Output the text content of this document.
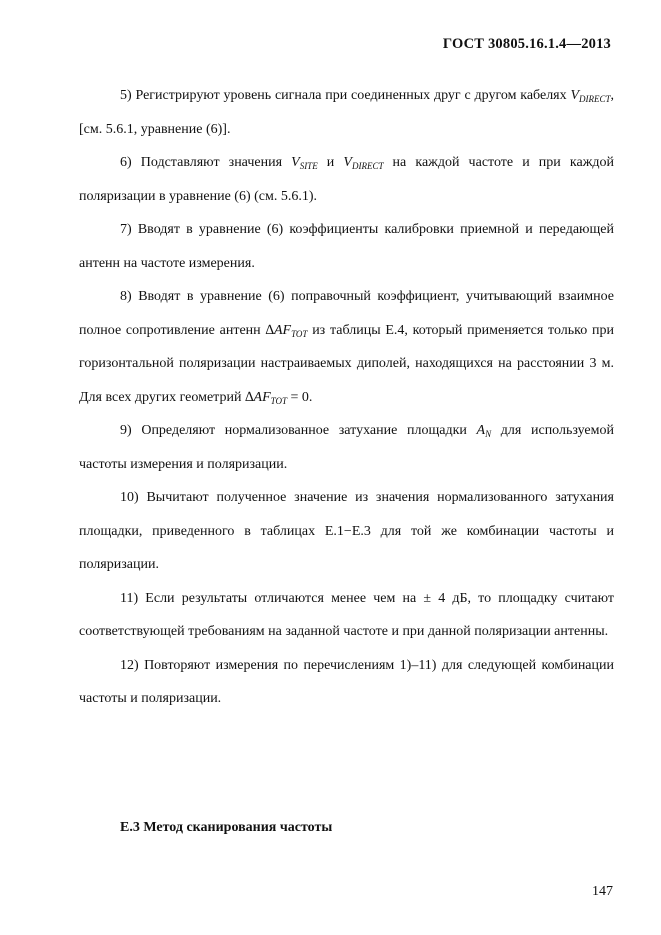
ГОСТ 30805.16.1.4—2013

5) Регистрируют уровень сигнала при соединенных друг с другом кабелях $V_{DIRECT}$, [см. 5.6.1, уравнение (6)].

6) Подставляют значения $V_{SITE}$ и $V_{DIRECT}$ на каждой частоте и при каждой поляризации в уравнение (6) (см. 5.6.1).

7) Вводят в уравнение (6) коэффициенты калибровки приемной и передающей антенн на частоте измерения.

8) Вводят в уравнение (6) поправочный коэффициент, учитывающий взаимное полное сопротивление антенн $\Delta AF_{TOT}$ из таблицы Е.4, который применяется только при горизонтальной поляризации настраиваемых диполей, находящихся на расстоянии 3 м. Для всех других геометрий $\Delta AF_{TOT} = 0$.

9) Определяют нормализованное затухание площадки $A_N$ для используемой частоты измерения и поляризации.

10) Вычитают полученное значение из значения нормализованного затухания площадки, приведенного в таблицах Е.1−Е.3 для той же комбинации частоты и поляризации.

11) Если результаты отличаются менее чем на ± 4 дБ, то площадку считают соответствующей требованиям на заданной частоте и при данной поляризации антенны.

12) Повторяют измерения по перечислениям 1)–11) для следующей комбинации частоты и поляризации.

Е.3 Метод сканирования частоты
147
